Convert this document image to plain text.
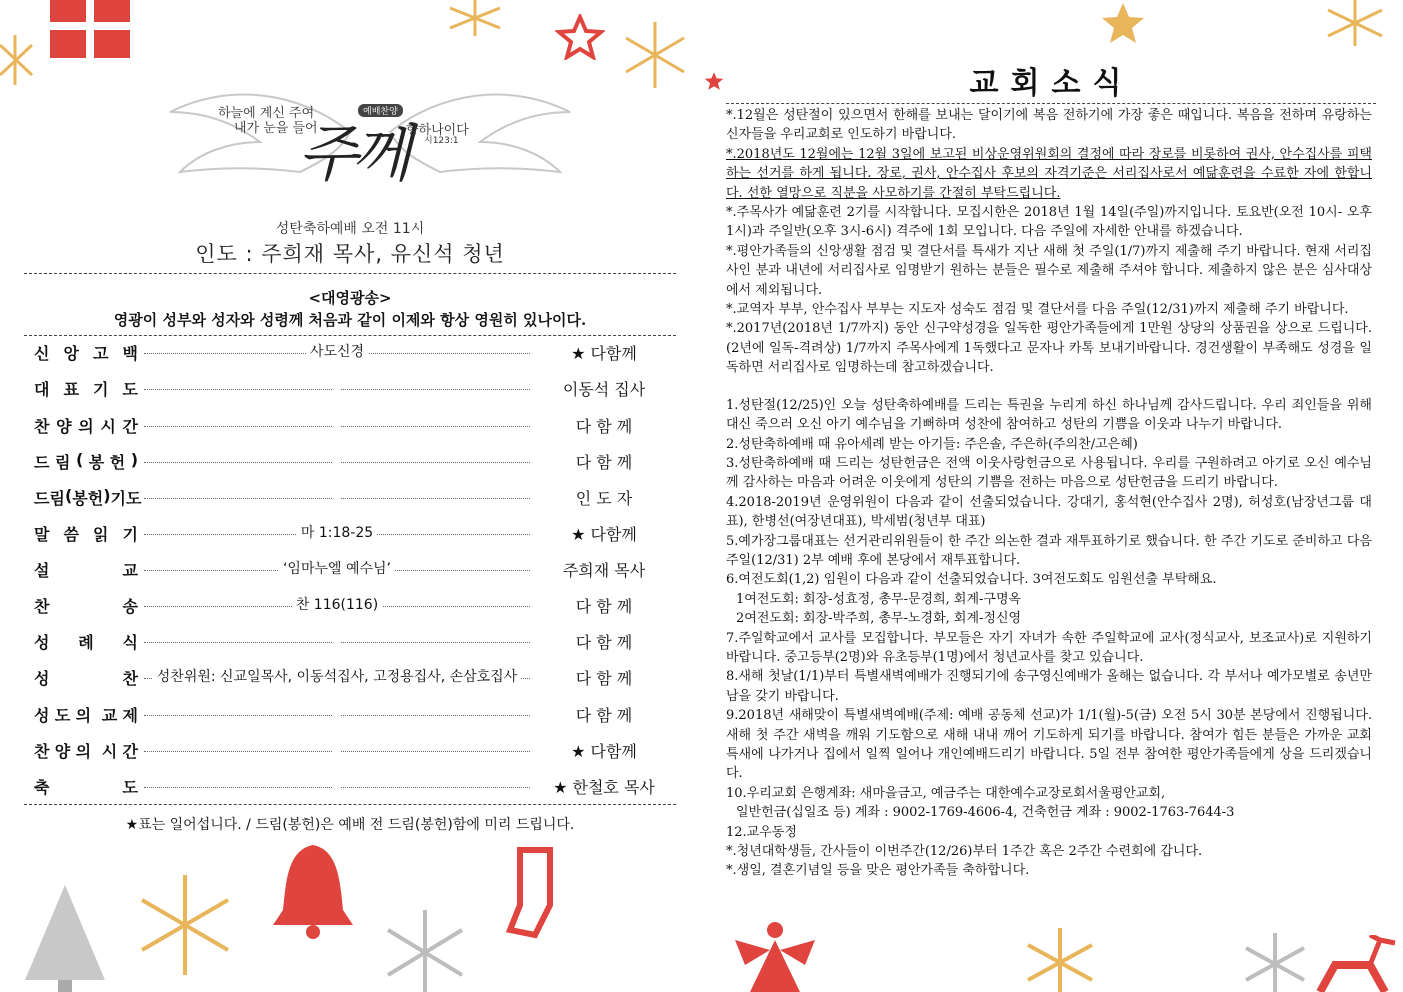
하늘에 계신 주여
내가 눈을 들어
주께
예배찬양
향하나이다
시123:1
성탄축하예배 오전 11시
인도 : 주희재 목사, 유신석 청년
<대영광송>
영광이 성부와 성자와 성령께 처음과 같이 이제와 항상 영원히 있나이다.
신 앙 고 백	사도신경	★ 다함께
대 표 기 도	이동석 집사
찬 양 의 시 간	다 함 께
드 림 ( 봉 헌 )	다 함 께
드 림 ( 봉 헌 ) 기 도	인 도 자
말 씀 읽 기	마 1:18-25	★ 다함께
설	교	‘임마누엘 예수님’	주희재 목사
찬	송	찬 116(116)	다 함 께
성 례 식	다 함 께
성	찬	성찬위원: 신교일목사, 이동석집사, 고정용집사, 손삼호집사	다 함 께
성 도 의 교 제	다 함 께
찬 양 의 시 간	★ 다함께
축	도	★ 한철호 목사
★표는 일어섭니다. / 드림(봉헌)은 예배 전 드림(봉헌)함에 미리 드립니다.
교회소식

*.12월은 성탄절이 있으면서 한해를 보내는 달이기에 복음 전하기에 가장 좋은 때입니다. 복음을 전하며 유랑하는 신자들을 우리교회로 인도하기 바랍니다.

*.2018년도 12월에는 12월 3일에 보고된 비상운영위원회의 결정에 따라 장로를 비롯하여 권사, 안수집사를 피택하는 선거를 하게 됩니다. 장로, 권사, 안수집사 후보의 자격기준은 서리집사로서 예닮훈련을 수료한 자에 한합니다. 선한 열망으로 직분을 사모하기를 간절히 부탁드립니다.

*.주목사가 예닮훈련 2기를 시작합니다. 모집시한은 2018년 1월 14일(주일)까지입니다. 토요반(오전 10시- 오후 1시)과 주일반(오후 3시-6시) 격주에 1회 모입니다. 다음 주일에 자세한 안내를 하겠습니다.

*.평안가족들의 신앙생활 점검 및 결단서를 특새가 지난 새해 첫 주일(1/7)까지 제출해 주기 바랍니다. 현재 서리집사인 분과 내년에 서리집사로 임명받기 원하는 분들은 필수로 제출해 주셔야 합니다. 제출하지 않은 분은 심사대상에서 제외됩니다.

*.교역자 부부, 안수집사 부부는 지도자 성숙도 점검 및 결단서를 다음 주일(12/31)까지 제출해 주기 바랍니다.

*.2017년(2018년 1/7까지) 동안 신구약성경을 일독한 평안가족들에게 1만원 상당의 상품권을 상으로 드립니다.(2년에 일독-격려상) 1/7까지 주목사에게 1독했다고 문자나 카톡 보내기바랍니다. 경건생활이 부족해도 성경을 일독하면 서리집사로 임명하는데 참고하겠습니다.

1.성탄절(12/25)인 오늘 성탄축하예배를 드리는 특권을 누리게 하신 하나님께 감사드립니다. 우리 죄인들을 위해 대신 죽으러 오신 아기 예수님을 기뻐하며 성찬에 참여하고 성탄의 기쁨을 이웃과 나누기 바랍니다.

2.성탄축하예배 때 유아세례 받는 아기들: 주은솔, 주은하(주의찬/고은혜)

3.성탄축하예배 때 드리는 성탄헌금은 전액 이웃사랑헌금으로 사용됩니다. 우리를 구원하려고 아기로 오신 예수님께 감사하는 마음과 어려운 이웃에게 성탄의 기쁨을 전하는 마음으로 성탄헌금을 드리기 바랍니다.

4.2018-2019년 운영위원이 다음과 같이 선출되었습니다. 강대기, 홍석현(안수집사 2명), 허성호(남장년그룹 대표), 한병선(여장년대표), 박세범(청년부 대표)

5.예가장그룹대표는 선거관리위원들이 한 주간 의논한 결과 재투표하기로 했습니다. 한 주간 기도로 준비하고 다음 주일(12/31) 2부 예배 후에 본당에서 재투표합니다.

6.여전도회(1,2) 임원이 다음과 같이 선출되었습니다. 3여전도회도 임원선출 부탁해요.

1여전도회: 회장-성효정, 총무-문경희, 회계-구명옥

2여전도회: 회장-박주희, 총무-노경화, 회계-정신영

7.주일학교에서 교사를 모집합니다. 부모들은 자기 자녀가 속한 주일학교에 교사(정식교사, 보조교사)로 지원하기 바랍니다. 중고등부(2명)와 유초등부(1명)에서 청년교사를 찾고 있습니다.

8.새해 첫날(1/1)부터 특별새벽예배가 진행되기에 송구영신예배가 올해는 없습니다. 각 부서나 예가모별로 송년만남을 갖기 바랍니다.

9.2018년 새해맞이 특별새벽예배(주제: 예배 공동체 선교)가 1/1(월)-5(금) 오전 5시 30분 본당에서 진행됩니다. 새해 첫 주간 새벽을 깨워 기도함으로 새해 내내 깨어 기도하게 되기를 바랍니다. 참여가 힘든 분들은 가까운 교회 특새에 나가거나 집에서 일찍 일어나 개인예배드리기 바랍니다. 5일 전부 참여한 평안가족들에게 상을 드리겠습니다.

10.우리교회 은행계좌: 새마을금고, 예금주는 대한예수교장로회서울평안교회,

일반헌금(십일조 등) 계좌 : 9002-1769-4606-4, 건축헌금 계좌 : 9002-1763-7644-3

12.교우동정

*.청년대학생들, 간사들이 이번주간(12/26)부터 1주간 혹은 2주간 수련회에 갑니다.

*.생일, 결혼기념일 등을 맞은 평안가족들 축하합니다.
